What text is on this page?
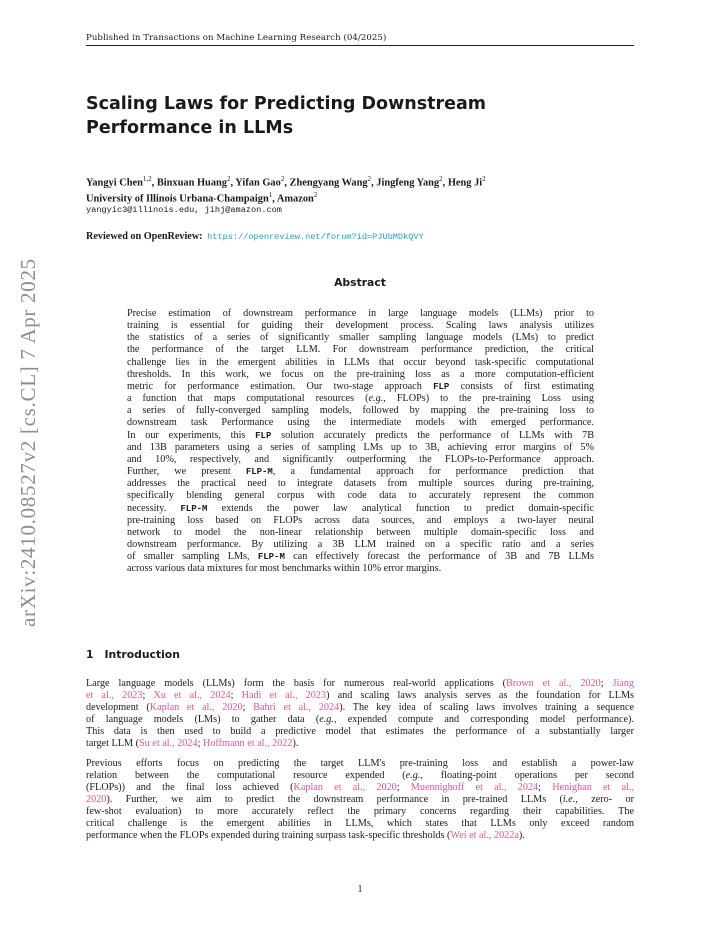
Published in Transactions on Machine Learning Research (04/2025)
arXiv:2410.08527v2 [cs.CL] 7 Apr 2025
Scaling Laws for Predicting Downstream
Performance in LLMs
Yangyi Chen$^{1,2}$, Binxuan Huang$^2$, Yifan Gao$^2$, Zhengyang Wang$^2$, Jingfeng Yang$^2$, Heng Ji$^2$
University of Illinois Urbana-Champaign$^1$, Amazon$^2$
yangyic3@illinois.edu, jihj@amazon.com
Reviewed on OpenReview: https://openreview.net/forum?id=PJUbMDkQVY
Abstract
Precise estimation of downstream performance in large language models (LLMs) prior to
training is essential for guiding their development process. Scaling laws analysis utilizes
the statistics of a series of significantly smaller sampling language models (LMs) to predict
the performance of the target LLM. For downstream performance prediction, the critical
challenge lies in the emergent abilities in LLMs that occur beyond task-specific computational
thresholds. In this work, we focus on the pre-training loss as a more computation-efficient
metric for performance estimation. Our two-stage approach FLP consists of first estimating
a function that maps computational resources (e.g., FLOPs) to the pre-training Loss using
a series of fully-converged sampling models, followed by mapping the pre-training loss to
downstream task Performance using the intermediate models with emerged performance.
In our experiments, this FLP solution accurately predicts the performance of LLMs with 7B
and 13B parameters using a series of sampling LMs up to 3B, achieving error margins of 5%
and 10%, respectively, and significantly outperforming the FLOPs-to-Performance approach.
Further, we present FLP-M, a fundamental approach for performance prediction that
addresses the practical need to integrate datasets from multiple sources during pre-training,
specifically blending general corpus with code data to accurately represent the common
necessity. FLP-M extends the power law analytical function to predict domain-specific
pre-training loss based on FLOPs across data sources, and employs a two-layer neural
network to model the non-linear relationship between multiple domain-specific loss and
downstream performance. By utilizing a 3B LLM trained on a specific ratio and a series
of smaller sampling LMs, FLP-M can effectively forecast the performance of 3B and 7B LLMs
across various data mixtures for most benchmarks within 10% error margins.
1 Introduction
Large language models (LLMs) form the basis for numerous real-world applications (Brown et al., 2020; Jiang
et al., 2023; Xu et al., 2024; Hadi et al., 2023) and scaling laws analysis serves as the foundation for LLMs
development (Kaplan et al., 2020; Bahri et al., 2024). The key idea of scaling laws involves training a sequence
of language models (LMs) to gather data (e.g., expended compute and corresponding model performance).
This data is then used to build a predictive model that estimates the performance of a substantially larger
target LLM (Su et al., 2024; Hoffmann et al., 2022).
Previous efforts focus on predicting the target LLM's pre-training loss and establish a power-law
relation between the computational resource expended (e.g., floating-point operations per second
(FLOPs)) and the final loss achieved (Kaplan et al., 2020; Muennighoff et al., 2024; Henighan et al.,
2020). Further, we aim to predict the downstream performance in pre-trained LLMs (i.e., zero- or
few-shot evaluation) to more accurately reflect the primary concerns regarding their capabilities. The
critical challenge is the emergent abilities in LLMs, which states that LLMs only exceed random
performance when the FLOPs expended during training surpass task-specific thresholds (Wei et al., 2022a).
1
